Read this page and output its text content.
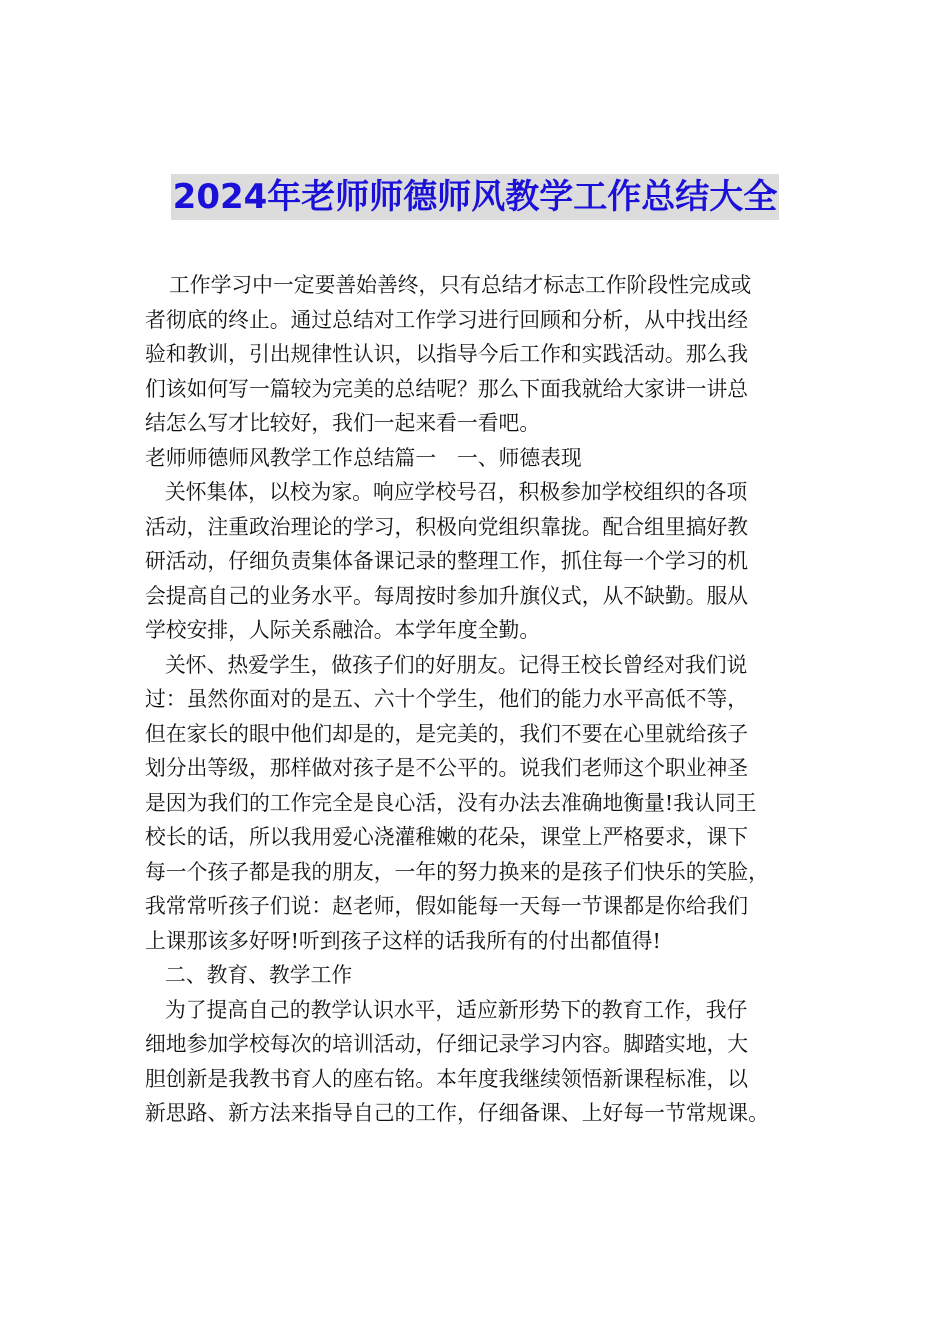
2024年老师师德师风教学工作总结大全
工作学习中一定要善始善终，只有总结才标志工作阶段性完成或
者彻底的终止。通过总结对工作学习进行回顾和分析，从中找出经
验和教训，引出规律性认识，以指导今后工作和实践活动。那么我
们该如何写一篇较为完美的总结呢？那么下面我就给大家讲一讲总
结怎么写才比较好，我们一起来看一看吧。
老师师德师风教学工作总结篇一　一、师德表现
关怀集体，以校为家。响应学校号召，积极参加学校组织的各项
活动，注重政治理论的学习，积极向党组织靠拢。配合组里搞好教
研活动，仔细负责集体备课记录的整理工作，抓住每一个学习的机
会提高自己的业务水平。每周按时参加升旗仪式，从不缺勤。服从
学校安排，人际关系融洽。本学年度全勤。
关怀、热爱学生，做孩子们的好朋友。记得王校长曾经对我们说
过：虽然你面对的是五、六十个学生，他们的能力水平高低不等，
但在家长的眼中他们却是的，是完美的，我们不要在心里就给孩子
划分出等级，那样做对孩子是不公平的。说我们老师这个职业神圣
是因为我们的工作完全是良心活，没有办法去准确地衡量!我认同王
校长的话，所以我用爱心浇灌稚嫩的花朵，课堂上严格要求，课下
每一个孩子都是我的朋友，一年的努力换来的是孩子们快乐的笑脸，
我常常听孩子们说：赵老师，假如能每一天每一节课都是你给我们
上课那该多好呀!听到孩子这样的话我所有的付出都值得!
二、教育、教学工作
为了提高自己的教学认识水平，适应新形势下的教育工作，我仔
细地参加学校每次的培训活动，仔细记录学习内容。脚踏实地，大
胆创新是我教书育人的座右铭。本年度我继续领悟新课程标准，以
新思路、新方法来指导自己的工作，仔细备课、上好每一节常规课。
